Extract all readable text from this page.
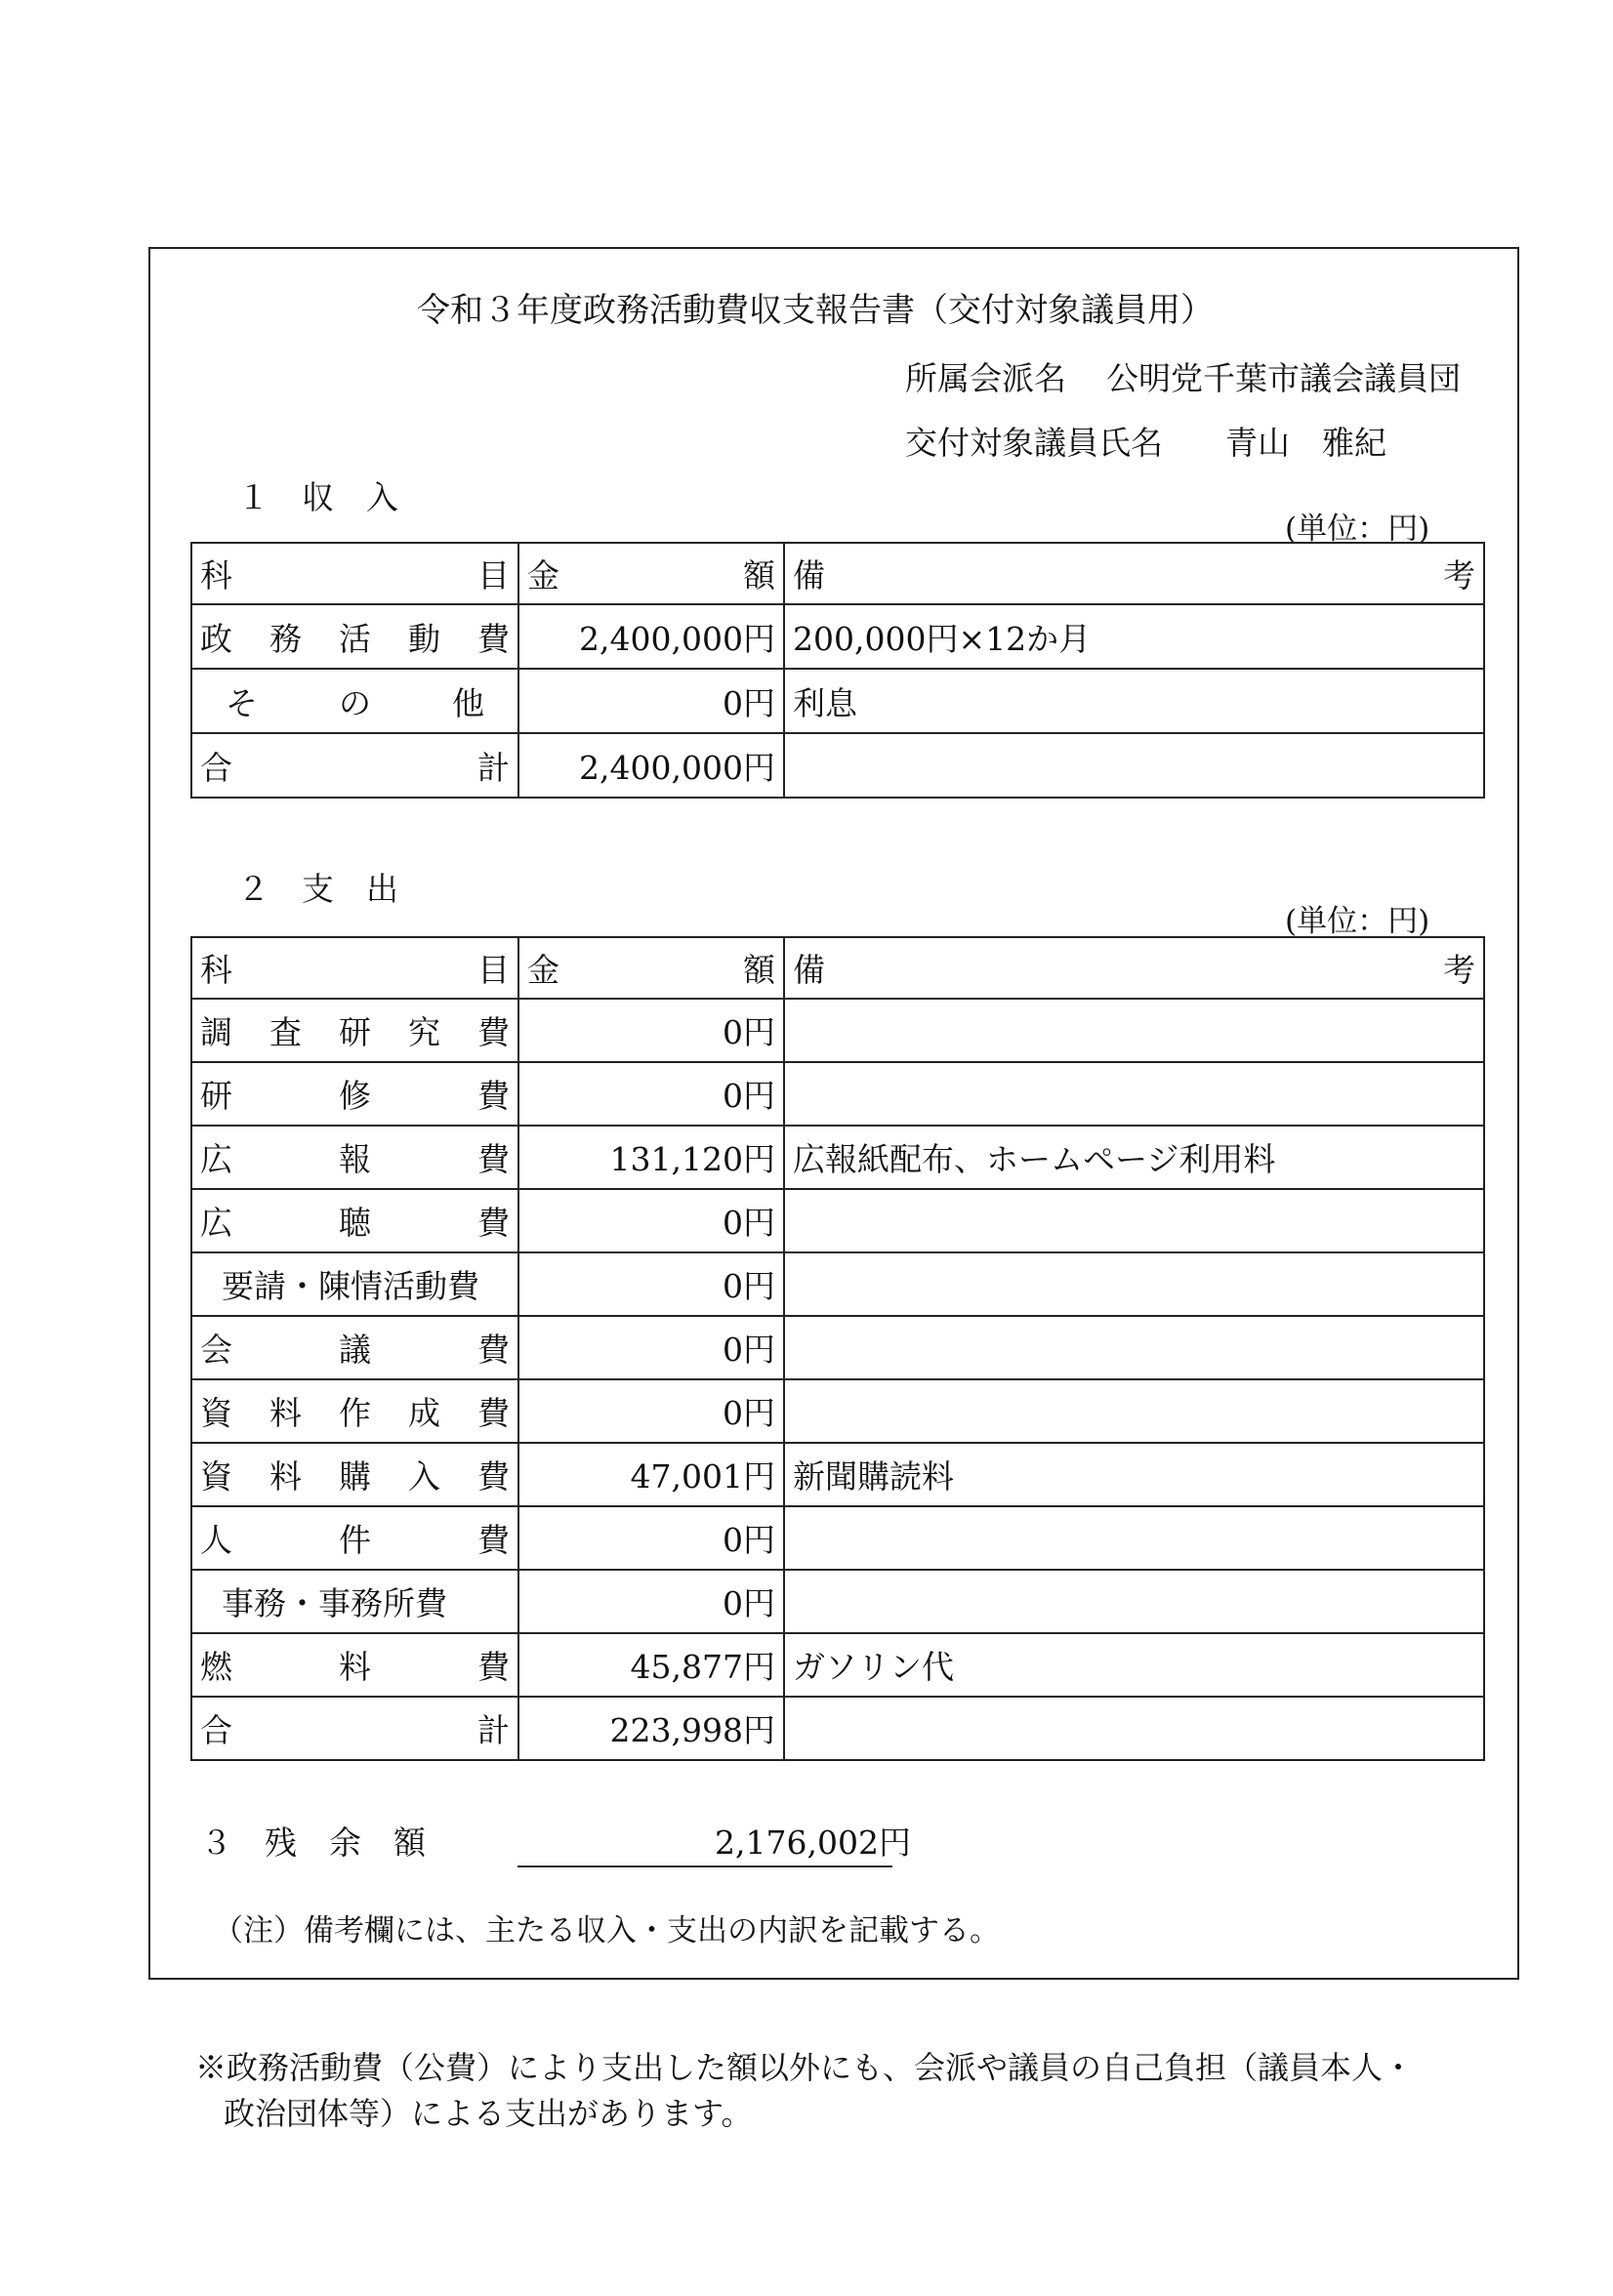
令和３年度政務活動費収支報告書（交付対象議員用）
所属会派名 公明党千葉市議会議員団
交付対象議員氏名 青山　雅紀
１　収　入
(単位：円)
科目	金額	備考
政務活動費	2,400,000円	200,000円×12か月
その他	0円	利息
合計	2,400,000円	
２　支　出
(単位：円)
科目	金額	備考
調査研究費	0円	
研修費	0円	
広報費	131,120円	広報紙配布、ホームページ利用料
広聴費	0円	
要請・陳情活動費	0円	
会議費	0円	
資料作成費	0円	
資料購入費	47,001円	新聞購読料
人件費	0円	
事務・事務所費	0円	
燃料費	45,877円	ガソリン代
合計	223,998円	
３　残　余　額	2,176,002円
（注）備考欄には、主たる収入・支出の内訳を記載する。
※政務活動費（公費）により支出した額以外にも、会派や議員の自己負担（議員本人・
政治団体等）による支出があります。
